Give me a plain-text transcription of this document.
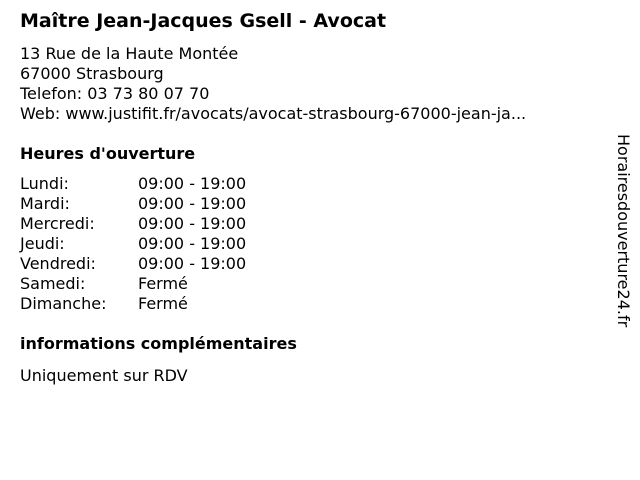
Maître Jean-Jacques Gsell - Avocat
13 Rue de la Haute Montée
67000 Strasbourg
Telefon: 03 73 80 07 70
Web: www.justifit.fr/avocats/avocat-strasbourg-67000-jean-ja...
Heures d'ouverture
Lundi:	09:00 - 19:00
Mardi:	09:00 - 19:00
Mercredi:	09:00 - 19:00
Jeudi:	09:00 - 19:00
Vendredi:	09:00 - 19:00
Samedi:	Fermé
Dimanche: Fermé
informations complémentaires
Uniquement sur RDV
Horairesdouverture24.fr
